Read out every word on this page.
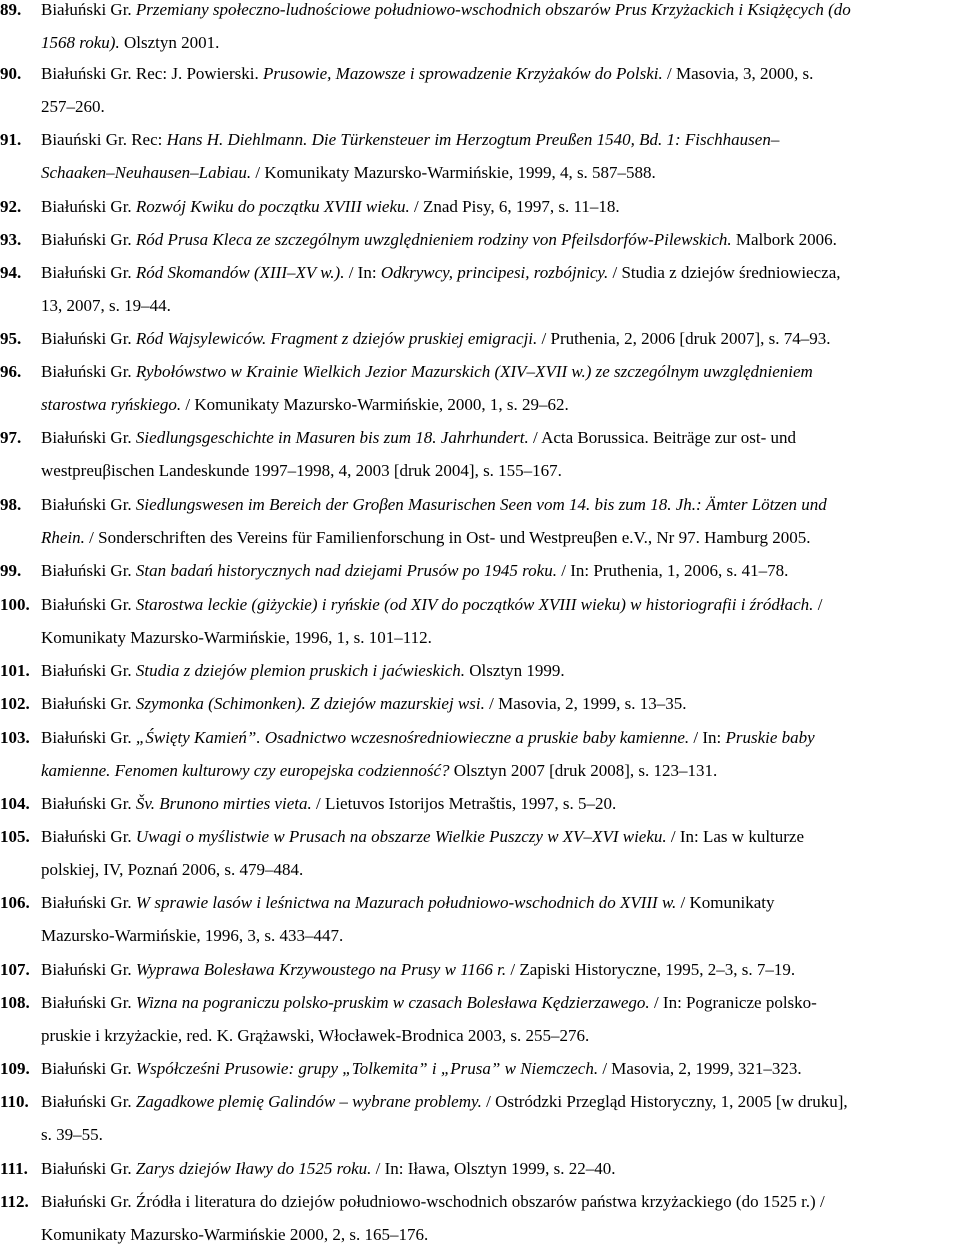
89. Białuński Gr. Przemiany społeczno-ludnościowe południowo-wschodnich obszarów Prus Krzyżackich i Książęcych (do
1568 roku). Olsztyn 2001.
90. Białuński Gr. Rec: J. Powierski. Prusowie, Mazowsze i sprowadzenie Krzyżaków do Polski. / Masovia, 3, 2000, s.
257–260.
91. Biauński Gr. Rec: Hans H. Diehlmann. Die Türkensteuer im Herzogtum Preußen 1540, Bd. 1: Fischhausen–
Schaaken–Neuhausen–Labiau. / Komunikaty Mazursko-Warmińskie, 1999, 4, s. 587–588.
92. Białuński Gr. Rozwój Kwiku do początku XVIII wieku. / Znad Pisy, 6, 1997, s. 11–18.
93. Białuński Gr. Ród Prusa Kleca ze szczególnym uwzględnieniem rodziny von Pfeilsdorfów-Pilewskich. Malbork 2006.
94. Białuński Gr. Ród Skomandów (XIII–XV w.). / In: Odkrywcy, principesi, rozbójnicy. / Studia z dziejów średniowiecza,
13, 2007, s. 19–44.
95. Białuński Gr. Ród Wajsylewiców. Fragment z dziejów pruskiej emigracji. / Pruthenia, 2, 2006 [druk 2007], s. 74–93.
96. Białuński Gr. Rybołówstwo w Krainie Wielkich Jezior Mazurskich (XIV–XVII w.) ze szczególnym uwzględnieniem
starostwa ryńskiego. / Komunikaty Mazursko-Warmińskie, 2000, 1, s. 29–62.
97. Białuński Gr. Siedlungsgeschichte in Masuren bis zum 18. Jahrhundert. / Acta Borussica. Beiträge zur ost- und
westpreuβischen Landeskunde 1997–1998, 4, 2003 [druk 2004], s. 155–167.
98. Białuński Gr. Siedlungswesen im Bereich der Groβen Masurischen Seen vom 14. bis zum 18. Jh.: Ämter Lötzen und
Rhein. / Sonderschriften des Vereins für Familienforschung in Ost- und Westpreuβen e.V., Nr 97. Hamburg 2005.
99. Białuński Gr. Stan badań historycznych nad dziejami Prusów po 1945 roku. / In: Pruthenia, 1, 2006, s. 41–78.
100. Białuński Gr. Starostwa leckie (giżyckie) i ryńskie (od XIV do początków XVIII wieku) w historiografii i źródłach. /
Komunikaty Mazursko-Warmińskie, 1996, 1, s. 101–112.
101. Białuński Gr. Studia z dziejów plemion pruskich i jaćwieskich. Olsztyn 1999.
102. Białuński Gr. Szymonka (Schimonken). Z dziejów mazurskiej wsi. / Masovia, 2, 1999, s. 13–35.
103. Białuński Gr. „Święty Kamień”. Osadnictwo wczesnośredniowieczne a pruskie baby kamienne. / In: Pruskie baby
kamienne. Fenomen kulturowy czy europejska codzienność? Olsztyn 2007 [druk 2008], s. 123–131.
104. Białuński Gr. Šv. Brunono mirties vieta. / Lietuvos Istorijos Metraštis, 1997, s. 5–20.
105. Białuński Gr. Uwagi o myślistwie w Prusach na obszarze Wielkie Puszczy w XV–XVI wieku. / In: Las w kulturze
polskiej, IV, Poznań 2006, s. 479–484.
106. Białuński Gr. W sprawie lasów i leśnictwa na Mazurach południowo-wschodnich do XVIII w. / Komunikaty
Mazursko-Warmińskie, 1996, 3, s. 433–447.
107. Białuński Gr. Wyprawa Bolesława Krzywoustego na Prusy w 1166 r. / Zapiski Historyczne, 1995, 2–3, s. 7–19.
108. Białuński Gr. Wizna na pograniczu polsko-pruskim w czasach Bolesława Kędzierzawego. / In: Pogranicze polsko-
pruskie i krzyżackie, red. K. Grążawski, Włocławek-Brodnica 2003, s. 255–276.
109. Białuński Gr. Współcześni Prusowie: grupy „Tolkemita” i „Prusa” w Niemczech. / Masovia, 2, 1999, 321–323.
110. Białuński Gr. Zagadkowe plemię Galindów – wybrane problemy. / Ostródzki Przegląd Historyczny, 1, 2005 [w druku],
s. 39–55.
111. Białuński Gr. Zarys dziejów Iławy do 1525 roku. / In: Iława, Olsztyn 1999, s. 22–40.
112. Białuński Gr. Źródła i literatura do dziejów południowo-wschodnich obszarów państwa krzyżackiego (do 1525 r.) /
Komunikaty Mazursko-Warmińskie 2000, 2, s. 165–176.
